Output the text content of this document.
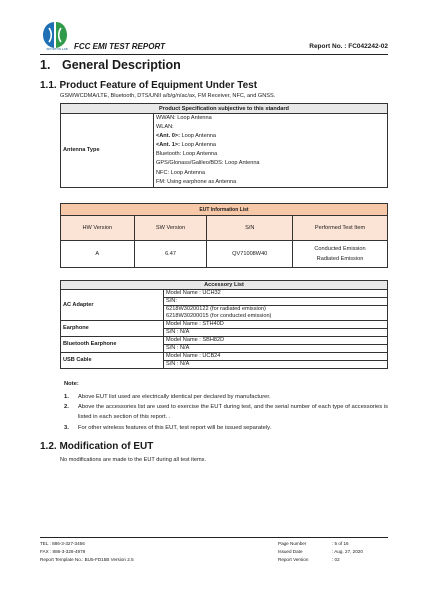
SPORTON LAB FCC EMI TEST REPORT	Report No. : FC042242-02
1. General Description
1.1. Product Feature of Equipment Under Test
GSM/WCDMA/LTE, Bluetooth, DTS/UNII a/b/g/n/ac/ax, FM Receiver, NFC, and GNSS.
Product Specification subjective to this standard
Antenna Type	
WWAN: Loop Antenna
WLAN:
<Ant. 0>: Loop Antenna
<Ant. 1>: Loop Antenna
Bluetooth: Loop Antenna
GPS/Glonass/Galileo/BDS: Loop Antenna
NFC: Loop Antenna
FM: Using earphone as Antenna
EUT Information List			
HW Version	SW Version	S/N	Performed Test Item
A	6.47	QV71008W40	Conducted Emission
Radiated Emission
Accessory List	
AC Adapter	Model Name : UCH32
	S/N:
	6218W30200122 (for radiated emission)
	6218W30200015 (for conducted emission)
Earphone	Model Name : STH40D
	S/N : N/A
Bluetooth Earphone	Model Name : SBH82D
	S/N : N/A
USB Cable	Model Name : UCB24
	S/N : N/A
Note:
1. Above EUT list used are electrically identical per declared by manufacturer.
2. Above the accessories list are used to exercise the EUT during test, and the serial number of each type of accessories is listed in each section of this report. .
3. For other wireless features of this EUT, test report will be issued separately.
1.2. Modification of EUT
No modifications are made to the EUT during all test items.
TEL : 886-3-327-3456
FAX : 886-3-328-4978
Report Template No.: BU5-FD15B Version 2.5
Page Number
Issued Date
Report Version
: 5 of 16
: Aug. 27, 2020
: 02
